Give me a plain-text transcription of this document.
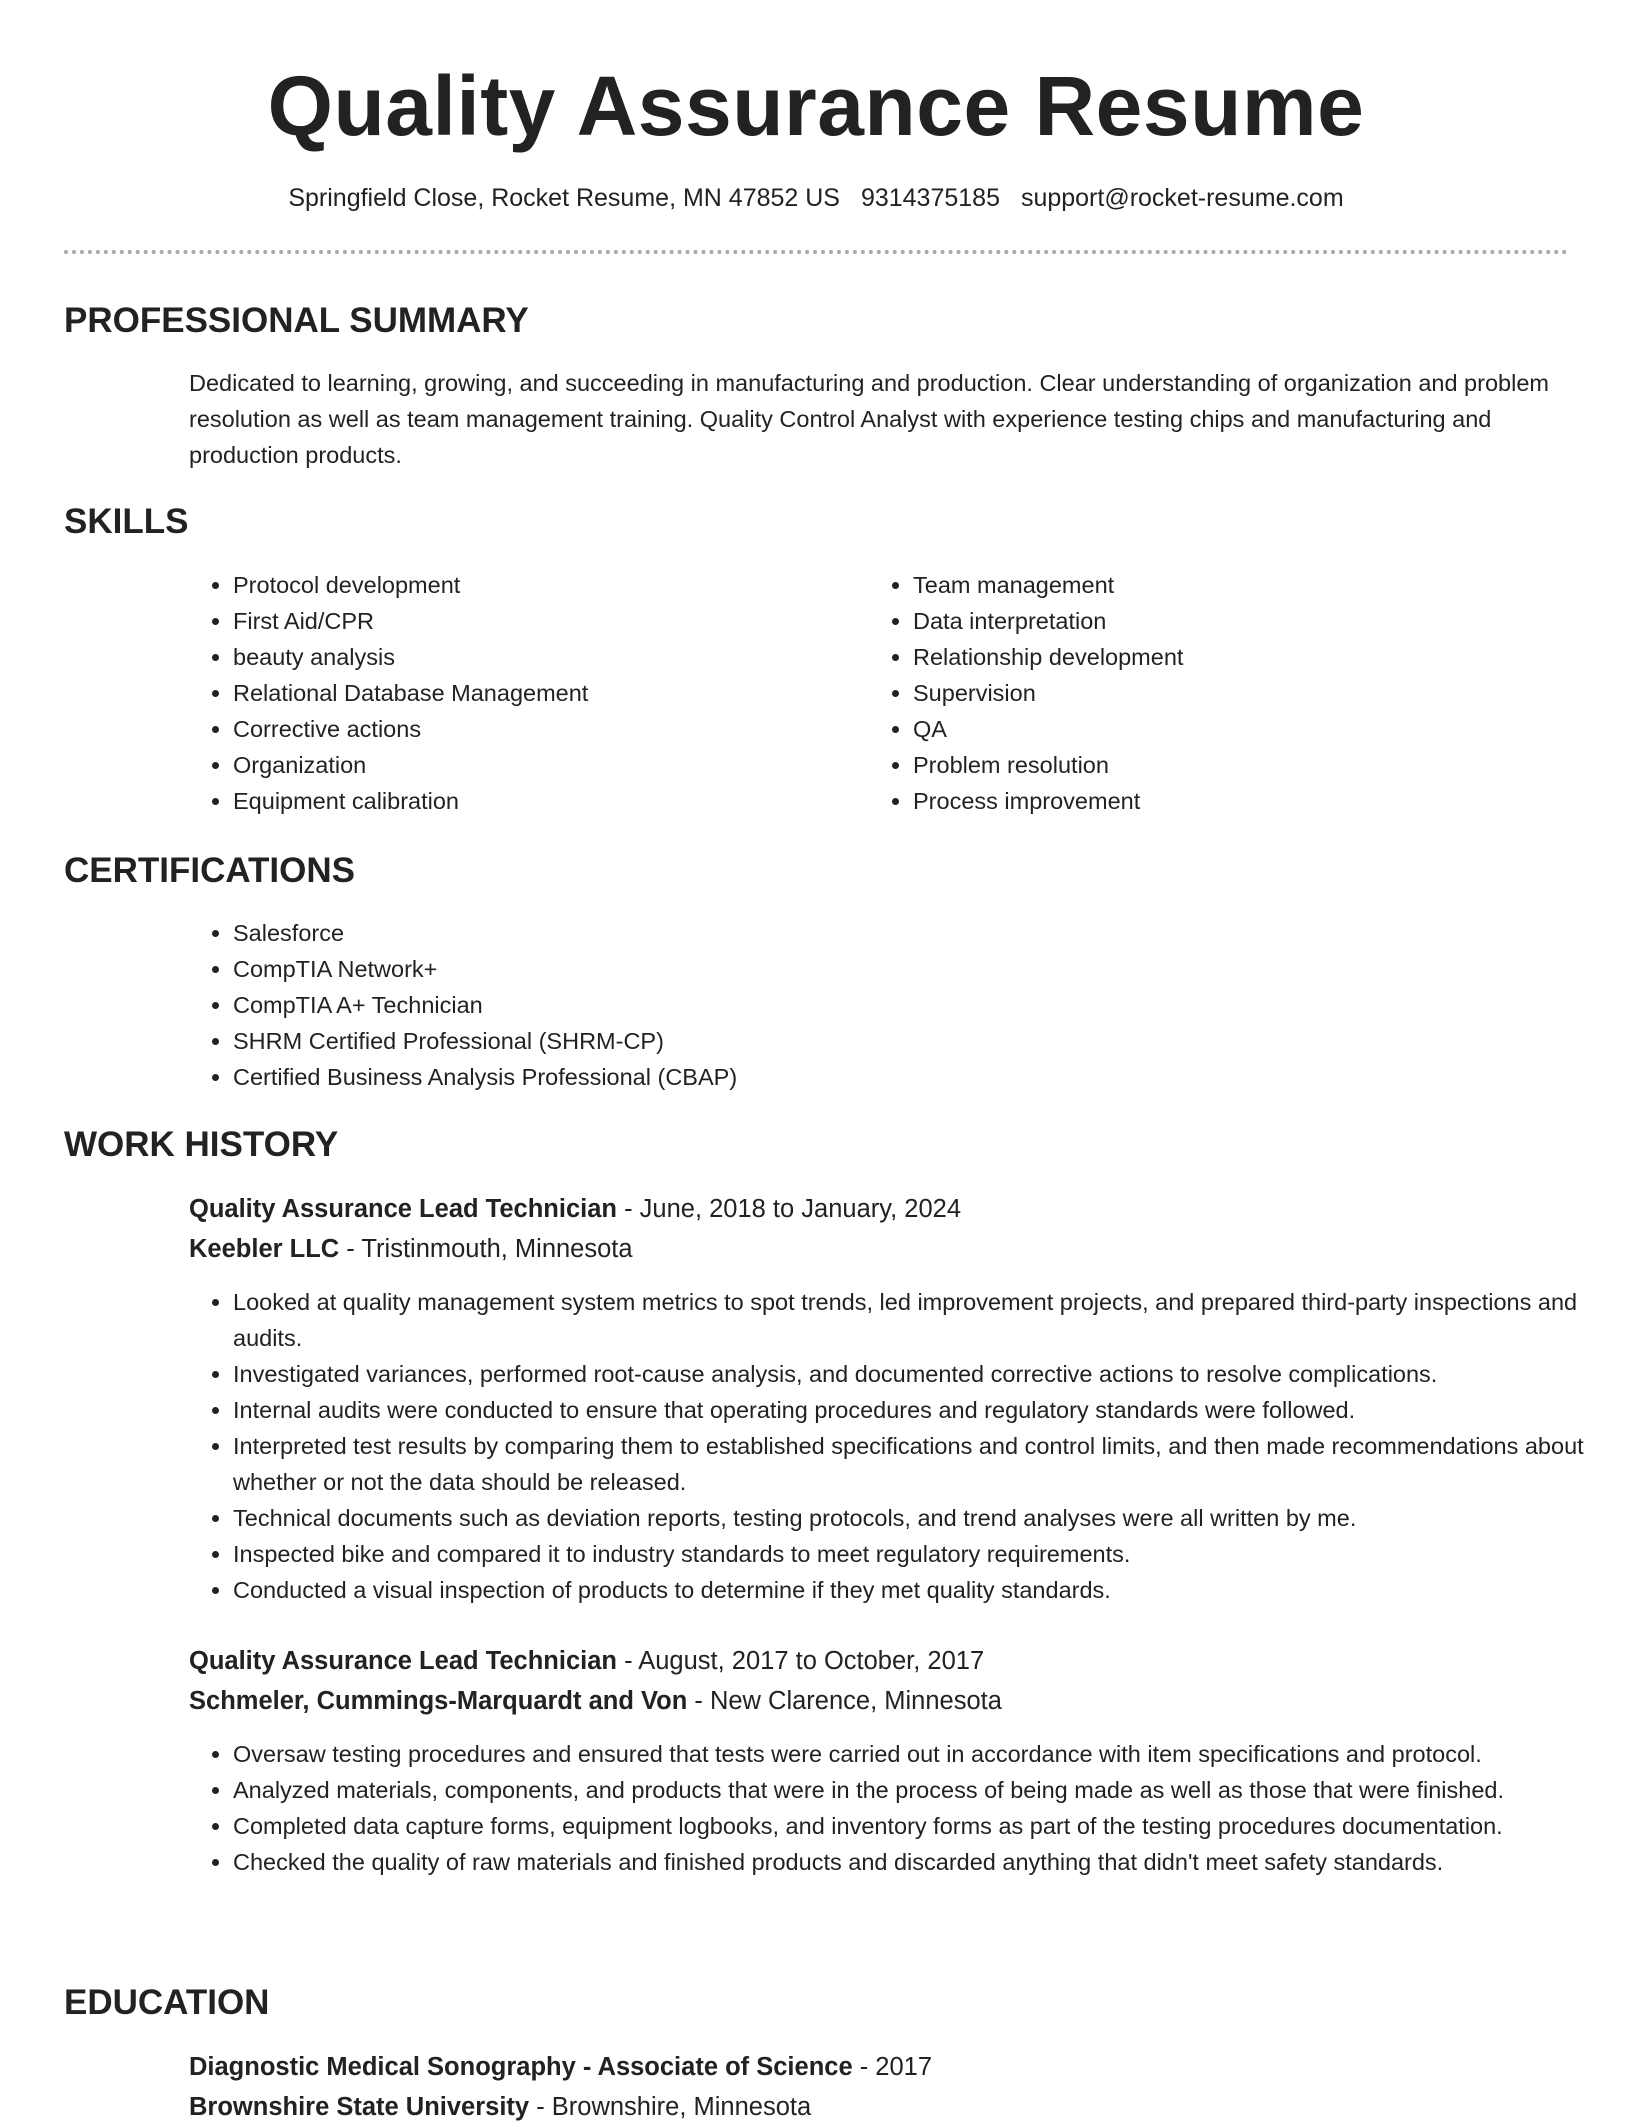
Quality Assurance Resume
Springfield Close, Rocket Resume, MN 47852 US 9314375185 support@rocket-resume.com
PROFESSIONAL SUMMARY

Dedicated to learning, growing, and succeeding in manufacturing and production. Clear understanding of organization and problem resolution as well as team management training. Quality Control Analyst with experience testing chips and manufacturing and production products.

SKILLS
• Protocol development
• First Aid/CPR
• beauty analysis
• Relational Database Management
• Corrective actions
• Organization
• Equipment calibration
• Team management
• Data interpretation
• Relationship development
• Supervision
• QA
• Problem resolution
• Process improvement
CERTIFICATIONS
• Salesforce
• CompTIA Network+
• CompTIA A+ Technician
• SHRM Certified Professional (SHRM-CP)
• Certified Business Analysis Professional (CBAP)
WORK HISTORY
Quality Assurance Lead Technician - June, 2018 to January, 2024
Keebler LLC - Tristinmouth, Minnesota
• Looked at quality management system metrics to spot trends, led improvement projects, and prepared third-party inspections and audits.
• Investigated variances, performed root-cause analysis, and documented corrective actions to resolve complications.
• Internal audits were conducted to ensure that operating procedures and regulatory standards were followed.
• Interpreted test results by comparing them to established specifications and control limits, and then made recommendations about whether or not the data should be released.
• Technical documents such as deviation reports, testing protocols, and trend analyses were all written by me.
• Inspected bike and compared it to industry standards to meet regulatory requirements.
• Conducted a visual inspection of products to determine if they met quality standards.
Quality Assurance Lead Technician - August, 2017 to October, 2017
Schmeler, Cummings-Marquardt and Von - New Clarence, Minnesota
• Oversaw testing procedures and ensured that tests were carried out in accordance with item specifications and protocol.
• Analyzed materials, components, and products that were in the process of being made as well as those that were finished.
• Completed data capture forms, equipment logbooks, and inventory forms as part of the testing procedures documentation.
• Checked the quality of raw materials and finished products and discarded anything that didn't meet safety standards.
EDUCATION
Diagnostic Medical Sonography - Associate of Science - 2017
Brownshire State University - Brownshire, Minnesota
